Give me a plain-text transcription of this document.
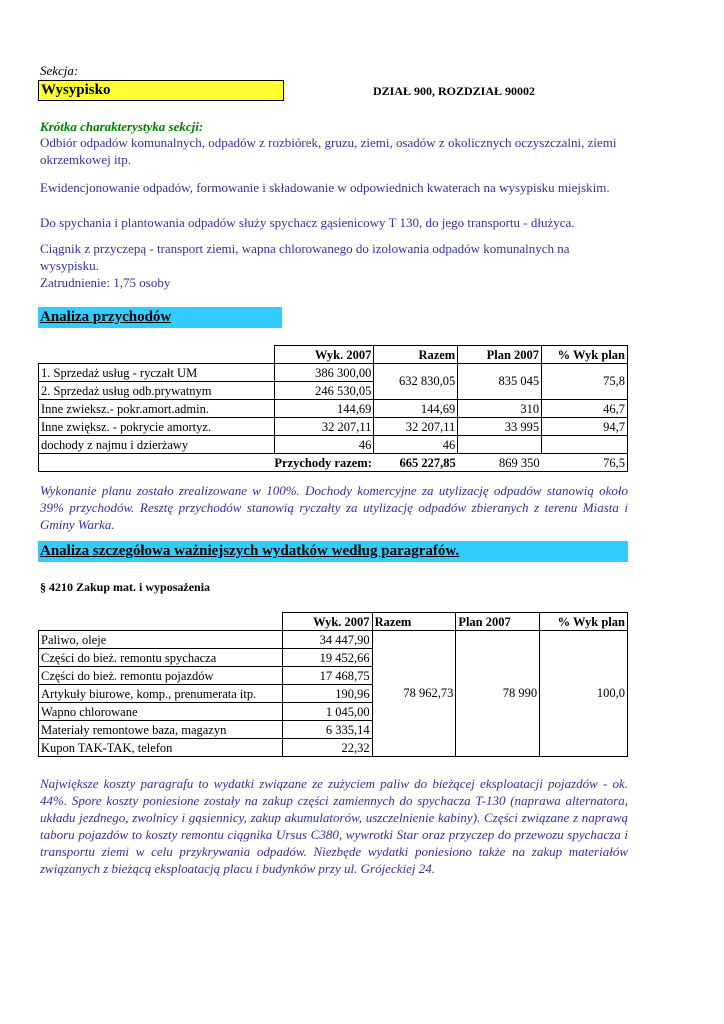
Sekcja:
Wysypisko	DZIAŁ 900, ROZDZIAŁ 90002
Krótka charakterystyka sekcji:
Odbiór odpadów komunalnych, odpadów z rozbiórek, gruzu, ziemi, osadów z okolicznych oczyszczalni, ziemi okrzemkowej itp.
Ewidencjonowanie odpadów, formowanie i składowanie w odpowiednich kwaterach na wysypisku miejskim.
Do spychania i plantowania odpadów służy spychacz gąsienicowy T 130, do jego transportu - dłużyca.
Ciągnik z przyczepą - transport ziemi, wapna chlorowanego do izolowania odpadów komunalnych na wysypisku.
Zatrudnienie: 1,75 osoby
Analiza przychodów
	Wyk. 2007	Razem	Plan 2007	% Wyk plan
1. Sprzedaż usług - ryczałt UM	386 300,00	632 830,05	835 045	75,8
2. Sprzedaż usług odb.prywatnym	246 530,05			
Inne zwieksz.- pokr.amort.admin.	144,69	144,69	310	46,7
Inne zwiększ. - pokrycie amortyz.	32 207,11	32 207,11	33 995	94,7
dochody z najmu i dzierżawy	46	46		
Przychody razem:		665 227,85	869 350	76,5
Wykonanie planu zostało zrealizowane w 100%. Dochody komercyjne za utylizację odpadów stanowią około 39% przychodów. Resztę przychodów stanowią ryczałty za utylizację odpadów zbieranych z terenu Miasta i Gminy Warka.
Analiza szczegółowa ważniejszych wydatków według paragrafów.
§ 4210 Zakup mat. i wyposażenia
	Wyk. 2007	Razem	Plan 2007	% Wyk plan
Paliwo, oleje	34 447,90	78 962,73	78 990	100,0
Części do bież. remontu spychacza	19 452,66			
Części do bież. remontu pojazdów	17 468,75			
Artykuły biurowe, komp., prenumerata itp.	190,96			
Wapno chlorowane	1 045,00			
Materiały remontowe baza, magazyn	6 335,14			
Kupon TAK-TAK, telefon	22,32			
Największe koszty paragrafu to wydatki związane ze zużyciem paliw do bieżącej eksploatacji pojazdów - ok. 44%. Spore koszty poniesione zostały na zakup części zamiennych do spychacza T-130 (naprawa alternatora, układu jezdnego, zwolnicy i gąsiennicy, zakup akumulatorów, uszczelnienie kabiny). Części związane z naprawą taboru pojazdów to koszty remontu ciągnika Ursus C380, wywrotki Star oraz przyczep do przewozu spychacza i transportu ziemi w celu przykrywania odpadów. Niezbęde wydatki poniesiono także na zakup materiałów związanych z bieżącą eksploatacją placu i budynków przy ul. Grójeckiej 24.
